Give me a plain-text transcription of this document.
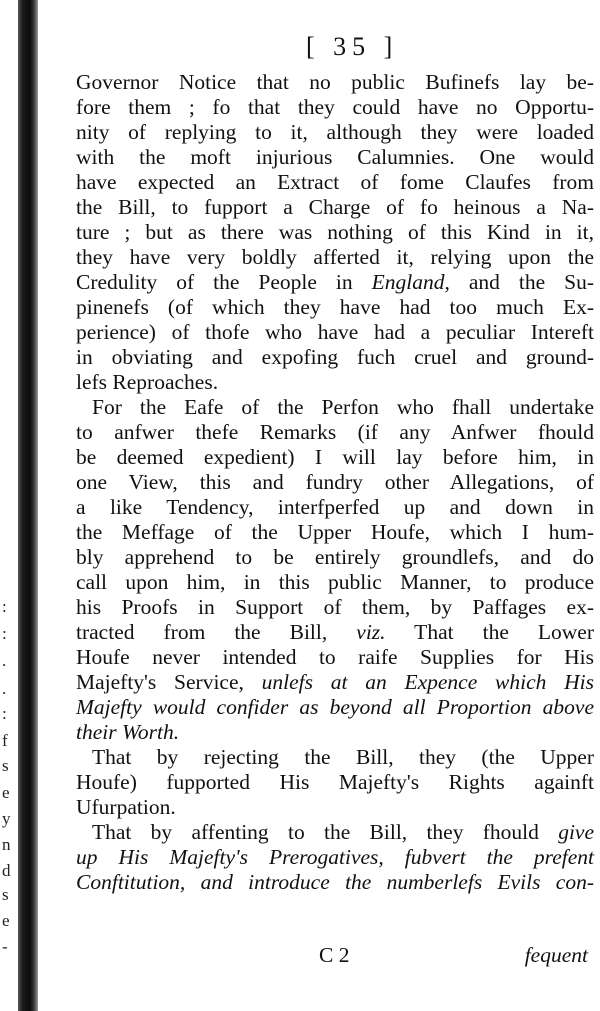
:
:
.
.
:
f
s
e
y
n
d
s
e
-
[ 35 ]
Governor Notice that no public Bufinefs lay be-
fore them ; fo that they could have no Opportu-
nity of replying to it, although they were loaded
with the moft injurious Calumnies. One would
have expected an Extract of fome Claufes from
the Bill, to fupport a Charge of fo heinous a Na-
ture ; but as there was nothing of this Kind in it,
they have very boldly afferted it, relying upon the
Credulity of the People in England, and the Su-
pinenefs (of which they have had too much Ex-
perience) of thofe who have had a peculiar Intereft
in obviating and expofing fuch cruel and ground-
lefs Reproaches.
For the Eafe of the Perfon who fhall undertake
to anfwer thefe Remarks (if any Anfwer fhould
be deemed expedient) I will lay before him, in
one View, this and fundry other Allegations, of
a like Tendency, interfperfed up and down in
the Meffage of the Upper Houfe, which I hum-
bly apprehend to be entirely groundlefs, and do
call upon him, in this public Manner, to produce
his Proofs in Support of them, by Paffages ex-
tracted from the Bill, viz. That the Lower
Houfe never intended to raife Supplies for His
Majefty's Service, unlefs at an Expence which His
Majefty would confider as beyond all Proportion above
their Worth.
That by rejecting the Bill, they (the Upper
Houfe) fupported His Majefty's Rights againft
Ufurpation.
That by affenting to the Bill, they fhould give
up His Majefty's Prerogatives, fubvert the prefent
Conftitution, and introduce the numberlefs Evils con-
C 2	fequent
